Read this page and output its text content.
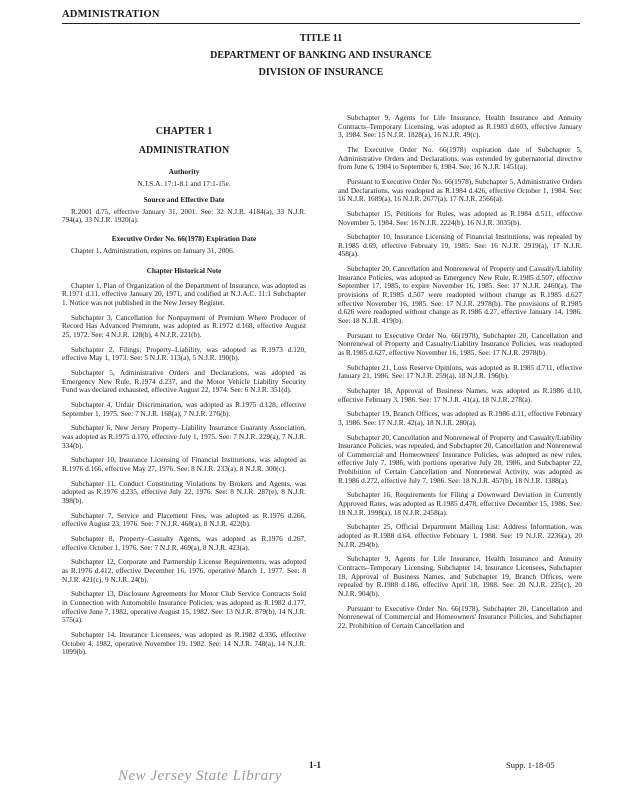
ADMINISTRATION
TITLE 11
DEPARTMENT OF BANKING AND INSURANCE
DIVISION OF INSURANCE
CHAPTER 1
ADMINISTRATION
Authority

N.J.S.A. 17:1-8.1 and 17:1-15e.

Source and Effective Date

R.2001 d.75, effective January 31, 2001. See: 32 N.J.R. 4184(a), 33 N.J.R. 794(a), 33 N.J.R. 1920(a).

Executive Order No. 66(1978) Expiration Date

Chapter 1, Administration, expires on January 31, 2006.

Chapter Historical Note

Chapter 1, Plan of Organization of the Department of Insurance, was adopted as R.1971 d.11, effective January 20, 1971, and codified at N.J.A.C. 11:1 Subchapter 1. Notice was not published in the New Jersey Register.

Subchapter 3, Cancellation for Nonpayment of Premium Where Producer of Record Has Advanced Premium, was adopted as R.1972 d.168, effective August 25, 1972. See: 4 N.J.R. 128(b), 4 N.J.R. 221(b).

Subchapter 2, Filings; Property–Liability, was adopted as R.1973 d.120, effective May 1, 1973. See: 5 N.J.R. 113(a), 5 N.J.R. 190(b).

Subchapter 5, Administrative Orders and Declarations, was adopted as Emergency New Rule, R.1974 d.237, and the Motor Vehicle Liability Security Fund was declared exhausted, effective August 22, 1974. See: 6 N.J.R. 351(d).

Subchapter 4, Unfair Discrimination, was adopted as R.1975 d.128, effective September 1, 1975. See: 7 N.J.R. 168(a), 7 N.J.R. 276(b).

Subchapter 6, New Jersey Property–Liability Insurance Guaranty Association, was adopted as R.1975 d.170, effective July 1, 1975. See: 7 N.J.R. 229(a), 7 N.J.R. 334(b).

Subchapter 10, Insurance Licensing of Financial Institutions, was adopted as R.1976 d.166, effective May 27, 1976. See: 8 N.J.R. 233(a), 8 N.J.R. 300(c).

Subchapter 11, Conduct Constituting Violations by Brokers and Agents, was adopted as R.1976 d.235, effective July 22, 1976. See: 8 N.J.R. 287(e), 8 N.J.R. 398(b).

Subchapter 7, Service and Placement Fees, was adopted as R.1976 d.266, effective August 23, 1976. See: 7 N.J.R. 468(a), 8 N.J.R. 422(b).

Subchapter 8, Property–Casualty Agents, was adopted as R.1976 d.267, effective October 1, 1976. See: 7 N.J.R. 469(a), 8 N.J.R. 423(a).

Subchapter 12, Corporate and Partnership License Requirements, was adopted as R.1976 d.412, effective December 16, 1976, operative March 1, 1977. See: 8 N.J.R. 421(c), 9 N.J.R. 24(b).

Subchapter 13, Disclosure Agreements for Motor Club Service Contracts Sold in Connection with Automobile Insurance Policies, was adopted as R.1982 d.177, effective June 7, 1982, operative August 15, 1982. See: 13 N.J.R. 879(b), 14 N.J.R. 575(a).

Subchapter 14, Insurance Licensees, was adopted as R.1982 d.336, effective October 4, 1982, operative November 19, 1982. See: 14 N.J.R. 748(a), 14 N.J.R. 1099(b).

Subchapter 9, Agents for Life Insurance, Health Insurance and Annuity Contracts–Temporary Licensing, was adopted as R.1983 d.603, effective January 3, 1984. See: 15 N.J.R. 1828(a), 16 N.J.R. 49(c).

The Executive Order No. 66(1978) expiration date of Subchapter 5, Administrative Orders and Declarations, was extended by gubernatorial directive from June 6, 1984 to September 6, 1984. See: 16 N.J.R. 1451(a).

Pursuant to Executive Order No. 66(1978), Subchapter 5, Administrative Orders and Declarations, was readopted as R.1984 d.426, effective October 1, 1984. See: 16 N.J.R. 1689(a), 16 N.J.R. 2677(a), 17 N.J.R. 2566(a).

Subchapter 15, Petitions for Rules, was adopted as R.1984 d.511, effective November 5, 1984. See: 16 N.J.R. 2224(b), 16 N.J.R. 3035(b).

Subchapter 10, Insurance Licensing of Financial Institutions, was repealed by R.1985 d.69, effective February 19, 1985. See: 16 N.J.R. 2919(a), 17 N.J.R. 458(a).

Subchapter 20, Cancellation and Nonrenewal of Property and Casualty/Liability Insurance Policies, was adopted as Emergency New Rule, R.1985 d.507, effective September 17, 1985, to expire November 16, 1985. See: 17 N.J.R. 2460(a). The provisions of R.1985 d.507 were readopted without change as R.1985 d.627 effective November 16, 1985. See: 17 N.J.R. 2978(b). The provisions of R.1985 d.626 were readopted without change as R.1986 d.27, effective January 14, 1986. See: 18 N.J.R. 419(b).

Pursuant to Executive Order No. 66(1978), Subchapter 20, Cancellation and Nonrenewal of Property and Casualty/Liability Insurance Policies, was readopted as R.1985 d.627, effective November 16, 1985. See: 17 N.J.R. 2978(b).

Subchapter 21, Loss Reserve Opinions, was adopted as R.1985 d.711, effective January 21, 1986. See: 17 N.J.R. 259(a), 18 N.J.R. 196(b).

Subchapter 18, Approval of Business Names, was adopted as R.1986 d.10, effective February 3, 1986. See: 17 N.J.R. 41(a), 18 N.J.R. 278(a).

Subchapter 19, Branch Offices, was adopted as R.1986 d.11, effective February 3, 1986. See: 17 N.J.R. 42(a), 18 N.J.R. 280(a).

Subchapter 20, Cancellation and Nonrenewal of Property and Casualty/Liability Insurance Policies, was repealed, and Subchapter 20, Cancellation and Nonrenewal of Commercial and Homeowners' Insurance Policies, was adopted as new rules, effective July 7, 1986, with portions operative July 28, 1986, and Subchapter 22, Prohibition of Certain Cancellation and Nonrenewal Activity, was adopted as R.1986 d.272, effective July 7, 1986. See: 18 N.J.R. 457(b), 18 N.J.R. 1388(a).

Subchapter 16, Requirements for Filing a Downward Deviation in Currently Approved Rates, was adopted as R.1985 d.478, effective December 15, 1986. See: 18 N.J.R. 1998(a), 18 N.J.R. 2458(a).

Subchapter 25, Official Department Mailing List: Address Information, was adopted as R.1988 d.64, effective February 1, 1988. See: 19 N.J.R. 2236(a), 20 N.J.R. 294(b).

Subchapter 9, Agents for Life Insurance, Health Insurance and Annuity Contracts–Temporary Licensing, Subchapter 14, Insurance Licensees, Subchapter 18, Approval of Business Names, and Subchapter 19, Branch Offices, were repealed by R.1988 d.186, effective April 18, 1988. See: 20 N.J.R. 225(c), 20 N.J.R. 904(b).

Pursuant to Executive Order No. 66(1978), Subchapter 20, Cancellation and Nonrenewal of Commercial and Homeowners' Insurance Policies, and Subchapter 22, Prohibition of Certain Cancellation and

New Jersey State Library
1-1	Supp. 1-18-05
